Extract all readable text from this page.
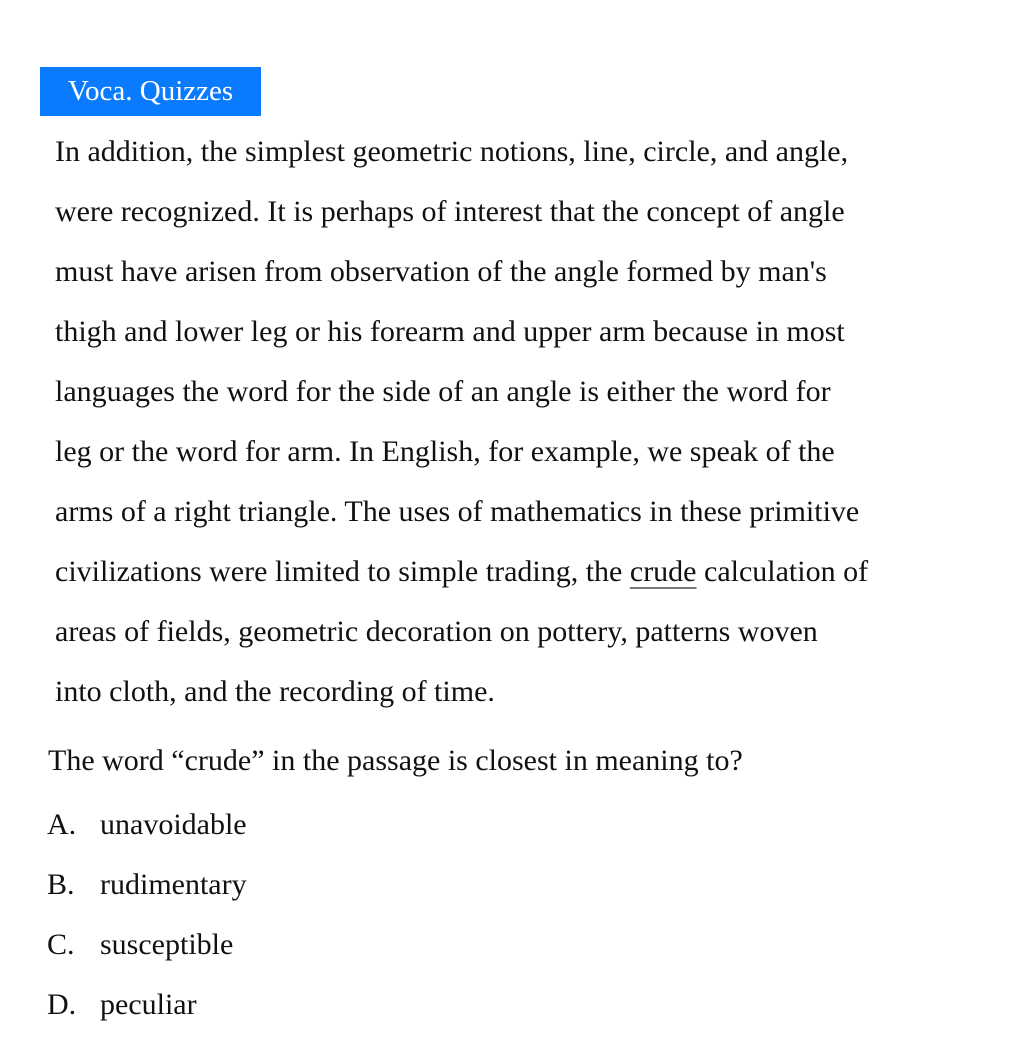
Voca. Quizzes
In addition, the simplest geometric notions, line, circle, and angle,
were recognized. It is perhaps of interest that the concept of angle
must have arisen from observation of the angle formed by man's
thigh and lower leg or his forearm and upper arm because in most
languages the word for the side of an angle is either the word for
leg or the word for arm. In English, for example, we speak of the
arms of a right triangle. The uses of mathematics in these primitive
civilizations were limited to simple trading, the crude calculation of
areas of fields, geometric decoration on pottery, patterns woven
into cloth, and the recording of time.
The word “crude” in the passage is closest in meaning to?
A. unavoidable
B. rudimentary
C. susceptible
D. peculiar
